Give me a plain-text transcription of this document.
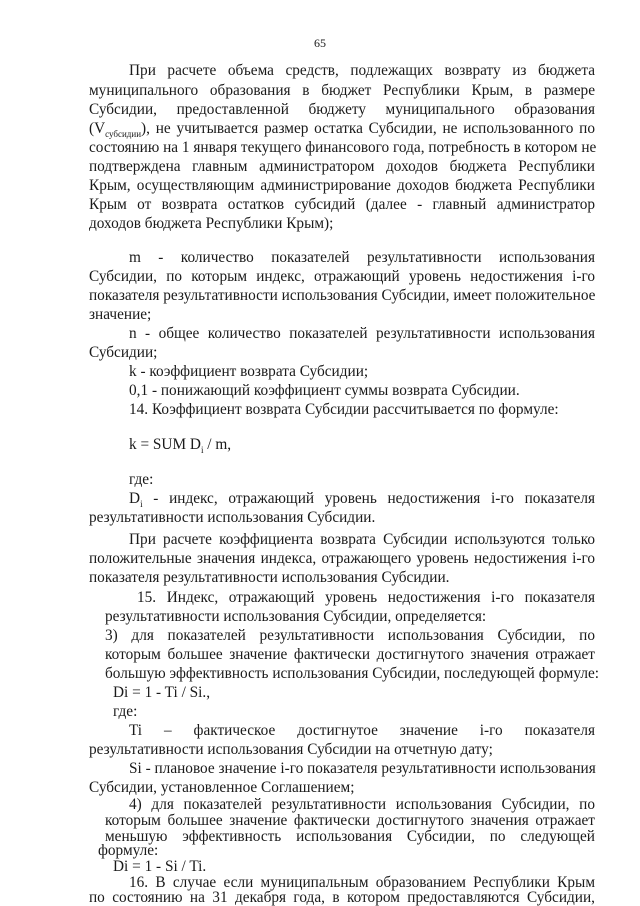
65
При расчете объема средств, подлежащих возврату из бюджета
муниципального образования в бюджет Республики Крым, в размере
Субсидии, предоставленной бюджету муниципального образования
$(V_{субсидии})$, не учитывается размер остатка Субсидии, не использованного по
состоянию на 1 января текущего финансового года, потребность в котором не
подтверждена главным администратором доходов бюджета Республики
Крым, осуществляющим администрирование доходов бюджета Республики
Крым от возврата остатков субсидий (далее - главный администратор
доходов бюджета Республики Крым);
m - количество показателей результативности использования
Субсидии, по которым индекс, отражающий уровень недостижения i-го
показателя результативности использования Субсидии, имеет положительное
значение;
n - общее количество показателей результативности использования
Субсидии;
k - коэффициент возврата Субсидии;
0,1 - понижающий коэффициент суммы возврата Субсидии.
14. Коэффициент возврата Субсидии рассчитывается по формуле:
k = SUM $D_i$ / m,
где:
$D_i$ - индекс, отражающий уровень недостижения i-го показателя
результативности использования Субсидии.
При расчете коэффициента возврата Субсидии используются только
положительные значения индекса, отражающего уровень недостижения i-го
показателя результативности использования Субсидии.
15. Индекс, отражающий уровень недостижения i-го показателя
результативности использования Субсидии, определяется:
3) для показателей результативности использования Субсидии, по
которым большее значение фактически достигнутого значения отражает
большую эффективность использования Субсидии, последующей формуле:
Di = 1 - Ti / Si.,
где:
Ti – фактическое достигнутое значение i-го показателя
результативности использования Субсидии на отчетную дату;
Si - плановое значение i-го показателя результативности использования
Субсидии, установленное Соглашением;
4) для показателей результативности использования Субсидии, по
которым большее значение фактически достигнутого значения отражает
меньшую эффективность использования Субсидии, по следующей
формуле:
Di = 1 - Si / Ti.
16. В случае если муниципальным образованием Республики Крым
по состоянию на 31 декабря года, в котором предоставляются Субсидии,
